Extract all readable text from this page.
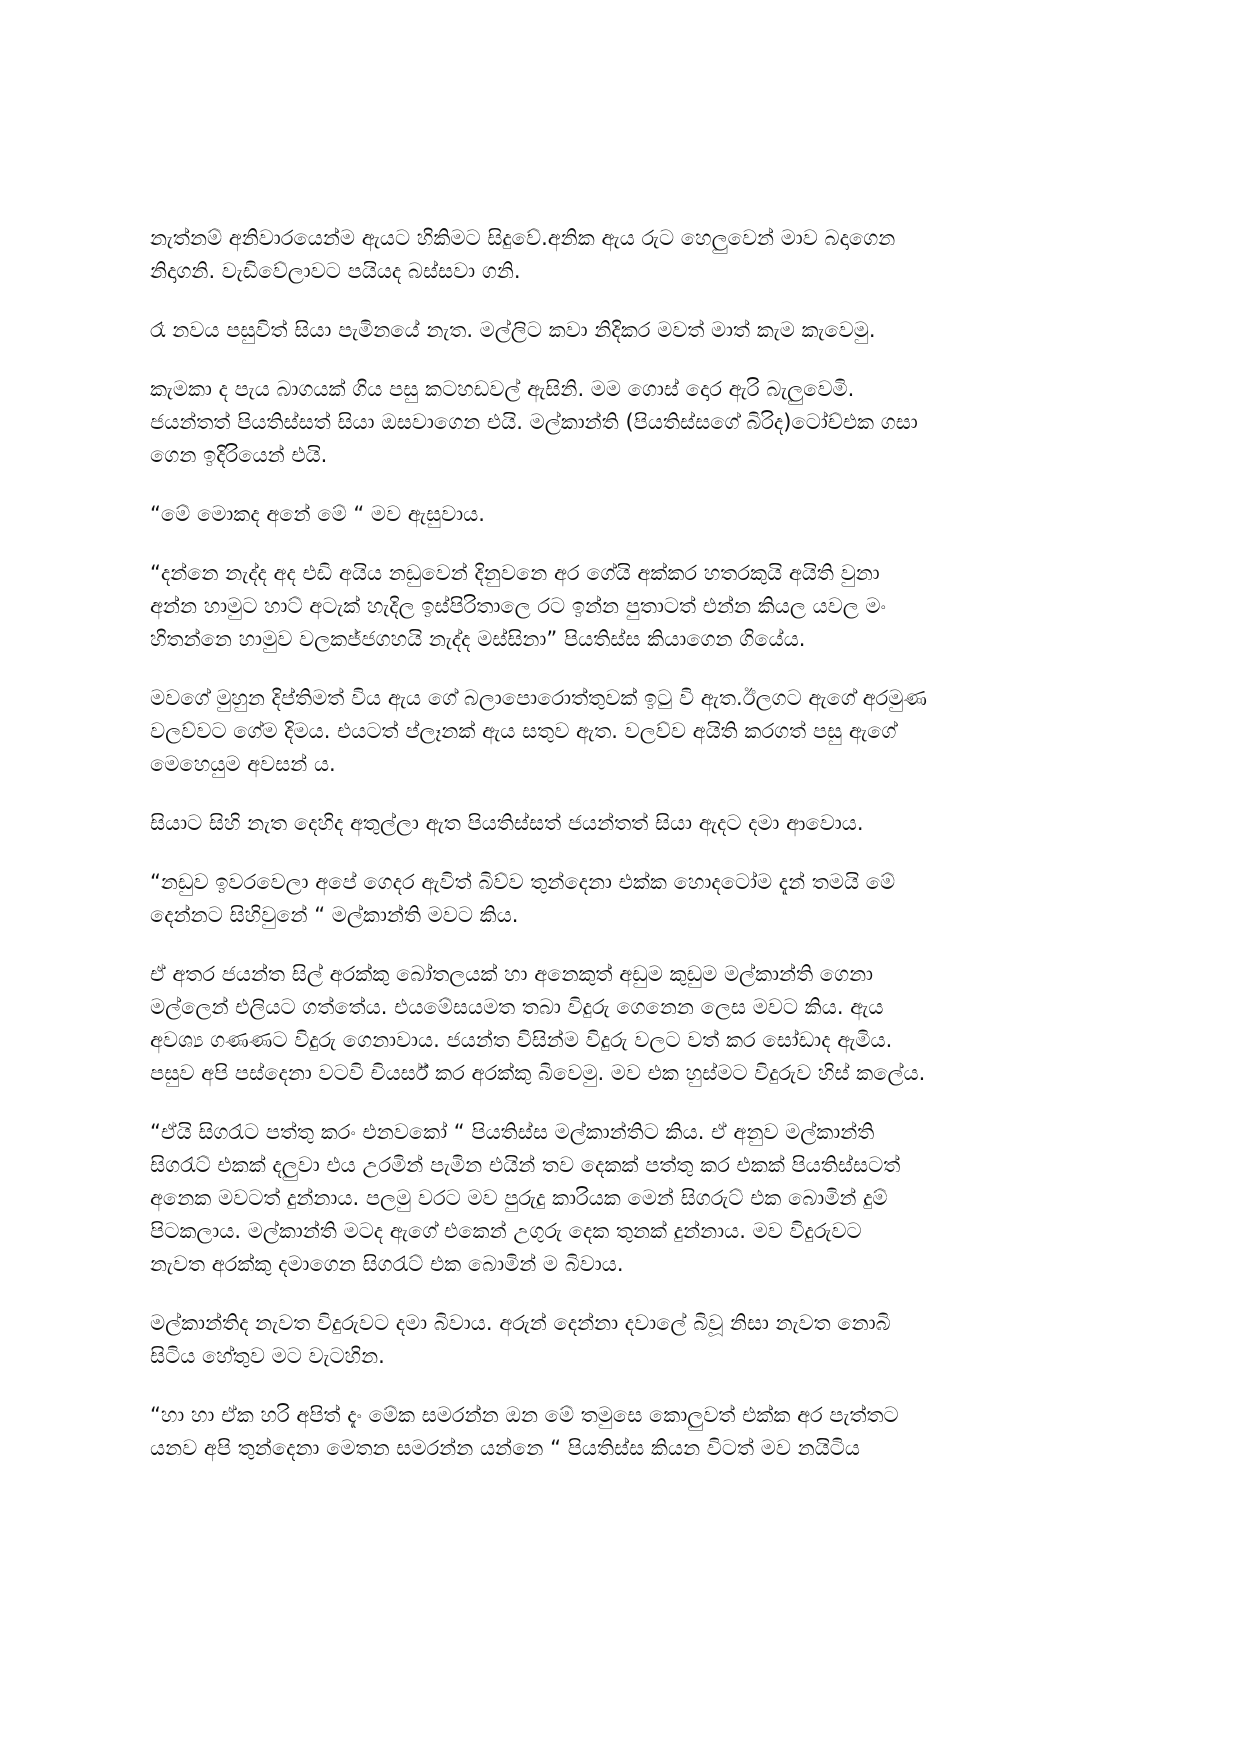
නැත්නම් අනිවාරයෙන්ම ඇයට හිකිමට සිදුවේ.අනික ඇය රුට හෙලුවෙන් මාව බදාගෙන
නිදාගනි. වැඩිවේලාවට පයියද බස්සවා ගනි.

රෑ නවය පසුවිත් සියා පැමිනයේ නැත. මල්ලිට කවා නිදිකර මවත් මාත් කැම කැවෙමු.

කැමකා ද පැය බාගයක් ගිය පසු කටහඩවල් ඇසිනි. මම ගොස් දොර ඇරි බැලුවෙමි.
ජයන්තත් පියතිස්සත් සියා ඔසවාගෙන එයි. මල්කාන්ති (පියතිස්සගේ බිරිද)ටෝච්එක ගසා
ගෙන ඉදිරියෙන් එයි.

“මේ මොකද අනේ මේ “ මව ඇසුවාය.

“දන්නෙ නැද්ද අද එඩි අයිය නඩුවෙන් දිනුවනෙ අර ගේයි අක්කර හතරකුයි අයිති වුනා
අන්න හාමුට හාට් අටැක් හැදිල ඉස්පිරිතාලෙ රට ඉන්න පුතාටත් එන්න කියල යවල මං
හිතන්නෙ හාමුව වලකජ්ජගහයි නැද්ද මස්සිනා” පියතිස්ස කියාගෙන ගියේය.

මවගේ මුහුන දිප්තිමත් විය ඇය ගේ බලාපොරොත්තුවක් ඉටු වි ඇත.ඊලගට ඇගේ අරමුණ
වලව්වට ගේම දිමය. එයටත් ප්ලෑනක් ඇය සතුව ඇත. වලව්ව අයිති කරගත් පසු ඇගේ
මෙහෙයුම අවසන් ය.

සියාට සිහි නැත දෙහිද අතුල්ලා ඇත පියතිස්සත් ජයන්තත් සියා ඇදට දමා ආවොය.

“නඩුව ඉවරවෙලා අපේ ගෙදර ඇවිත් බිව්ව තුන්දෙනා එක්ක හොදටෝම දැන් තමයි මේ
දෙන්නට සිහිවුනේ “ මල්කාන්ති මවට කිය.

ඒ අතර ජයන්ත සිල් අරක්කු බෝතලයක් හා අනෙකුත් අඩුම කුඩුම මල්කාන්ති ගෙනා
මල්ලෙන් එලියට ගත්තේය. එයමේසයමත තබා විදුරු ගෙනෙන ලෙස මවට කිය. ඇය
අවශ්‍ය ගණණට විදුරු ගෙනාවාය. ජයන්ත විසින්ම විදුරු වලට වත් කර සෝඩාද ඇමිය.
පසුව අපි පස්දෙනා වටවි චියර්ස් කර අරක්කු බිවෙමු. මව එක හුස්මට විදුරුව හිස් කලේය.

“ඒයි සිගරැට පත්තු කරං එනවකෝ “ පියතිස්ස මල්කාන්තිට කිය. ඒ අනුව මල්කාන්ති
සිගරැට් එකක් දලුවා එය උරමින් පැමින එයින් තව දෙකක් පත්තු කර එකක් පියතිස්සටත්
අනෙක මවටත් දුන්නාය. පලමු වරට මව පුරුදු කාරියක මෙන් සිගරුට් එක බොමින් දුම්
පිටකලාය. මල්කාන්ති මටද ඇගේ එකෙන් උගුරු දෙක තුනක් දුන්නාය. මව විදුරුවට
නැවත අරක්කු දමාගෙන සිගරැට් එක බොමින් ම බිවාය.

මල්කාන්තිද නැවත විදුරුවට දමා බිවාය. අරුන් දෙන්නා දවාලේ බිවූ නිසා නැවත නොබි
සිටිය හේතුව මට වැටහින.

“හා හා ඒක හරි අපිත් දැං මේක සමරන්න ඔන මේ තමුසෙ කොලුවත් එක්ක අර පැත්තට
යනව අපි තුන්දෙනා මෙතන සමරන්න යන්නෙ “ පියතිස්ස කියන විටත් මව නයිටිය
